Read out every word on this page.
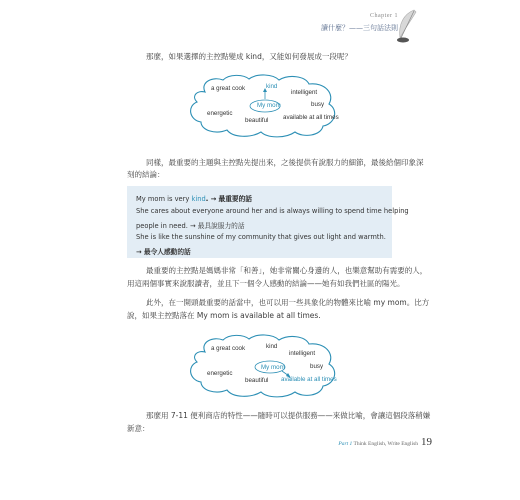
Chapter 1
讀什麼？——三句話法則
那麼，如果選擇的主控點變成 kind，又能如何發展成一段呢？
a great cook	kind
intelligent
My mom	busy
energetic
beautiful available at all times
同樣，最重要的主題與主控點先提出來，之後提供有說服力的細節，最後給個印象深
刻的結論：
My mom is very kind. → 最重要的話
She cares about everyone around her and is always willing to spend time helping
people in need. → 最具說服力的話
She is like the sunshine of my community that gives out light and warmth.
→ 最令人感動的話
最重要的主控點是媽媽非常「和善」，她非常關心身邊的人，也樂意幫助有需要的人，
用這兩個事實來說服讀者，並且下一個令人感動的結論——她有如我們社區的陽光。
此外，在一開頭最重要的話當中，也可以用一些具象化的物體來比喻 my mom。比方
說，如果主控點落在 My mom is available at all times.
a great cook	kind
intelligent
My mom	busy
energetic
beautiful available at all times
那麼用 7-11 便利商店的特性——隨時可以提供服務——來做比喻，會讓這個段落稍嫌
新意：
Part 1 Think English, Write English 19
